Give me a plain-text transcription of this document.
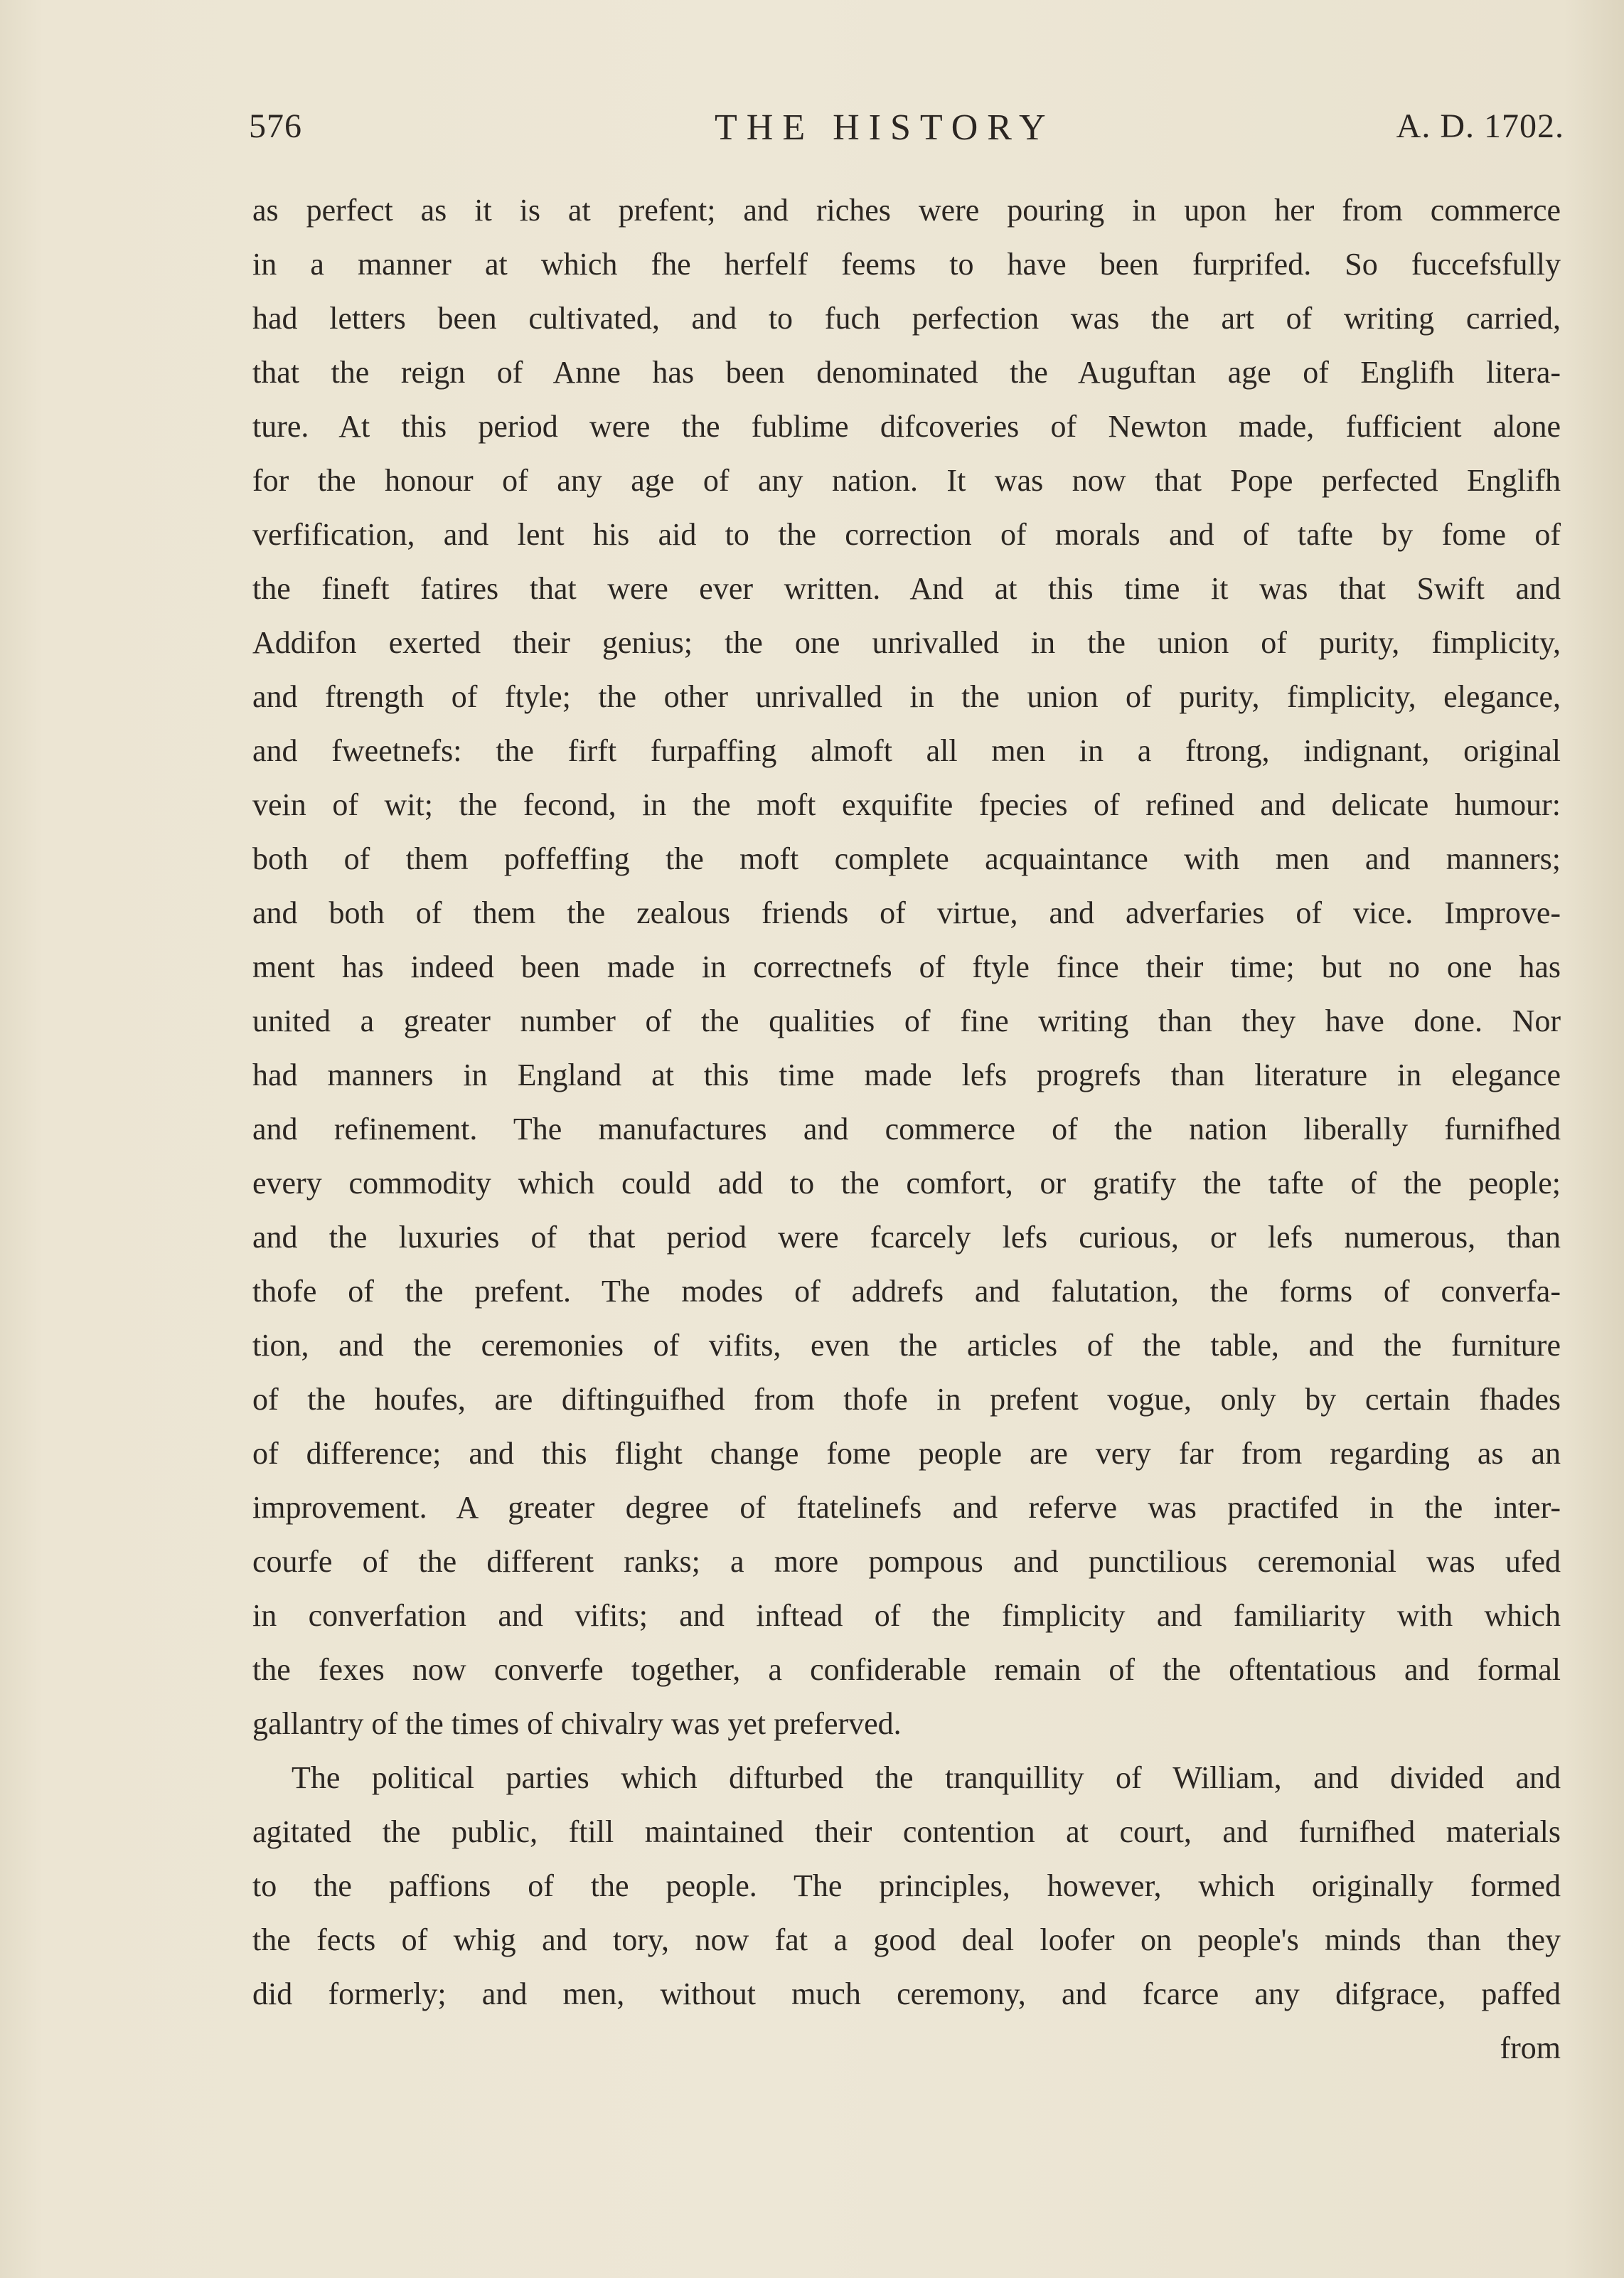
576	THE HISTORY	A. D. 1702.
as perfect as it is at prefent; and riches were pouring in upon her from commerce
in a manner at which fhe herfelf feems to have been furprifed. So fuccefsfully
had letters been cultivated, and to fuch perfection was the art of writing carried,
that the reign of Anne has been denominated the Auguftan age of Englifh litera-
ture. At this period were the fublime difcoveries of Newton made, fufficient alone
for the honour of any age of any nation. It was now that Pope perfected Englifh
verfification, and lent his aid to the correction of morals and of tafte by fome of
the fineft fatires that were ever written. And at this time it was that Swift and
Addifon exerted their genius; the one unrivalled in the union of purity, fimplicity,
and ftrength of ftyle; the other unrivalled in the union of purity, fimplicity, elegance,
and fweetnefs: the firft furpaffing almoft all men in a ftrong, indignant, original
vein of wit; the fecond, in the moft exquifite fpecies of refined and delicate humour:
both of them poffeffing the moft complete acquaintance with men and manners;
and both of them the zealous friends of virtue, and adverfaries of vice. Improve-
ment has indeed been made in correctnefs of ftyle fince their time; but no one has
united a greater number of the qualities of fine writing than they have done. Nor
had manners in England at this time made lefs progrefs than literature in elegance
and refinement. The manufactures and commerce of the nation liberally furnifhed
every commodity which could add to the comfort, or gratify the tafte of the people;
and the luxuries of that period were fcarcely lefs curious, or lefs numerous, than
thofe of the prefent. The modes of addrefs and falutation, the forms of converfa-
tion, and the ceremonies of vifits, even the articles of the table, and the furniture
of the houfes, are diftinguifhed from thofe in prefent vogue, only by certain fhades
of difference; and this flight change fome people are very far from regarding as an
improvement. A greater degree of ftatelinefs and referve was practifed in the inter-
courfe of the different ranks; a more pompous and punctilious ceremonial was ufed
in converfation and vifits; and inftead of the fimplicity and familiarity with which
the fexes now converfe together, a confiderable remain of the oftentatious and formal
gallantry of the times of chivalry was yet preferved.
The political parties which difturbed the tranquillity of William, and divided and
agitated the public, ftill maintained their contention at court, and furnifhed materials
to the paffions of the people. The principles, however, which originally formed
the fects of whig and tory, now fat a good deal loofer on people's minds than they
did formerly; and men, without much ceremony, and fcarce any difgrace, paffed
from
